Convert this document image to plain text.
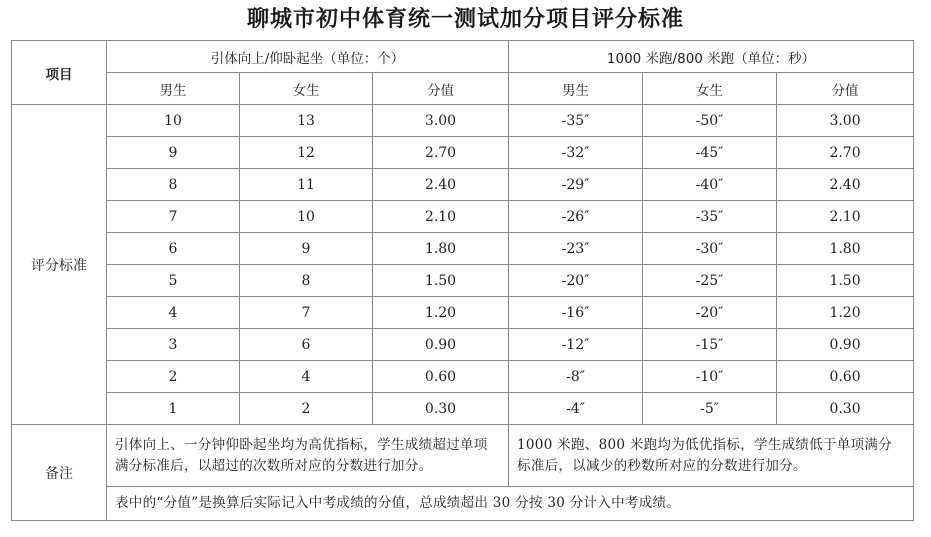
聊城市初中体育统一测试加分项目评分标准
项目	引体向上/仰卧起坐（单位：个）			1000 米跑/800 米跑（单位：秒）		
	男生	女生	分值	男生	女生	分值
评分标准	10	13	3.00	-35″	-50″	3.00
	9	12	2.70	-32″	-45″	2.70
	8	11	2.40	-29″	-40″	2.40
	7	10	2.10	-26″	-35″	2.10
	6	9	1.80	-23″	-30″	1.80
	5	8	1.50	-20″	-25″	1.50
	4	7	1.20	-16″	-20″	1.20
	3	6	0.90	-12″	-15″	0.90
	2	4	0.60	-8″	-10″	0.60
	1	2	0.30	-4″	-5″	0.30
备注	引体向上、一分钟仰卧起坐均为高优指标，学生成绩超过单项满分标准后，以超过的次数所对应的分数进行加分。			1000 米跑、800 米跑均为低优指标，学生成绩低于单项满分标准后，以减少的秒数所对应的分数进行加分。		
	表中的“分值”是换算后实际记入中考成绩的分值，总成绩超出 30 分按 30 分计入中考成绩。					
